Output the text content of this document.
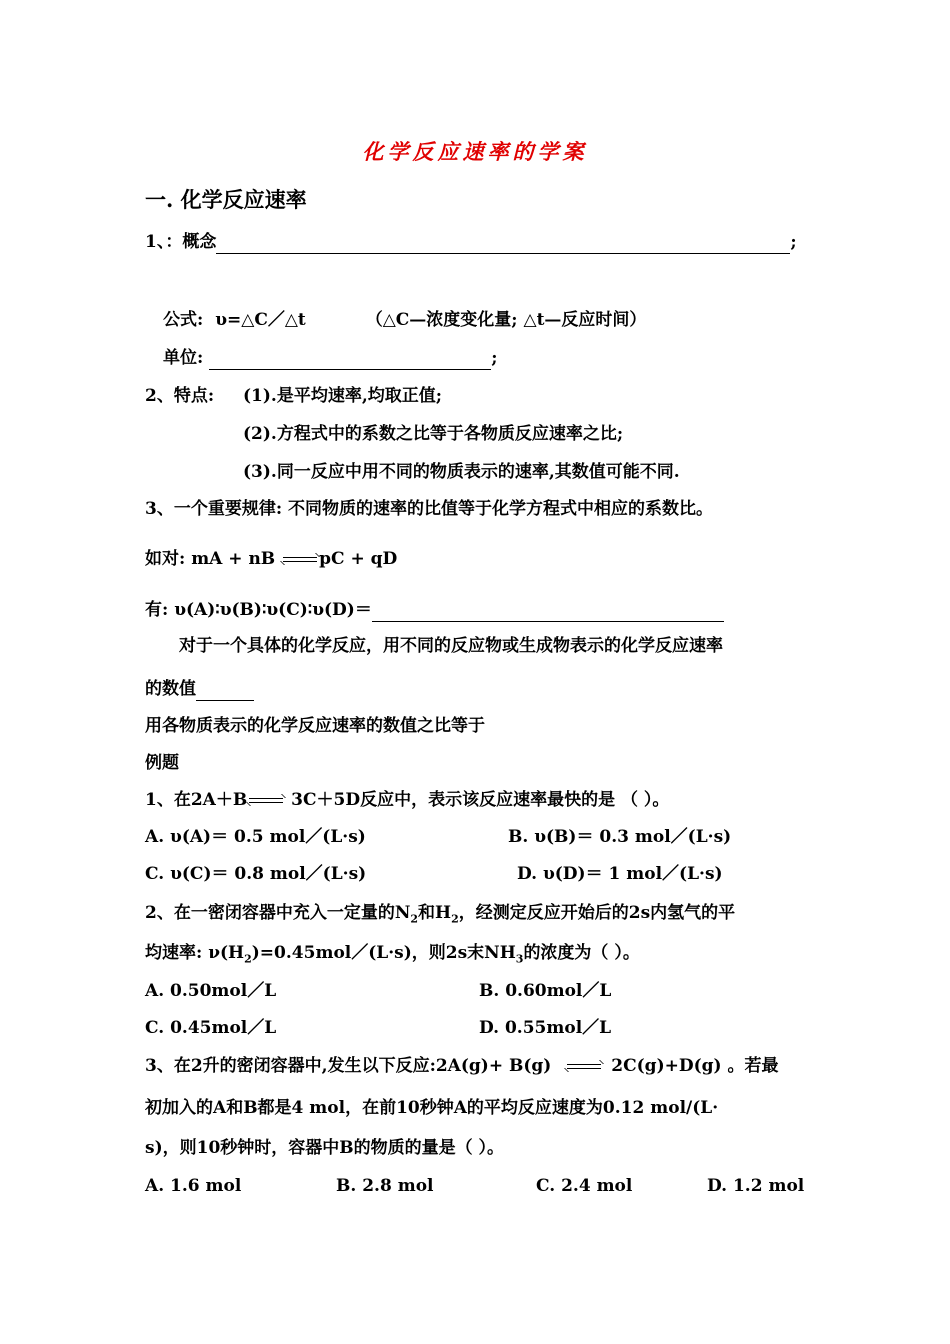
化学反应速率的学案
一. 化学反应速率
1、：概念	;
公式: υ=△C／△t	（△C—浓度变化量; △t—反应时间）
单位:	;
2、特点: (1).是平均速率,均取正值;
(2).方程式中的系数之比等于各物质反应速率之比;
(3).同一反应中用不同的物质表示的速率,其数值可能不同.
3、一个重要规律: 不同物质的速率的比值等于化学方程式中相应的系数比。
如对: mA + nB	pC + qD
有: υ(A)∶υ(B)∶υ(C)∶υ(D)＝
对于一个具体的化学反应，用不同的反应物或生成物表示的化学反应速率
的数值
用各物质表示的化学反应速率的数值之比等于
例题
1、在2A＋B
3C＋5D反应中，表示该反应速率最快的是 （ ）。
A. υ(A)＝ 0.5 mol／(L·s)	B. υ(B)＝ 0.3 mol／(L·s)
C. υ(C)＝ 0.8 mol／(L·s)	D. υ(D)＝ 1 mol／(L·s)
2、在一密闭容器中充入一定量的$N_2$和$H_2$，经测定反应开始后的2s内氢气的平
均速率: $\nu(H_2)=0.45mol/(L\cdot s)$，则2s末$NH_3$的浓度为（ ）。
A. 0.50mol／L	B. 0.60mol／L
C. 0.45mol／L	D. 0.55mol／L
3、在2升的密闭容器中,发生以下反应:2A(g)+ B(g)	2C(g)+D(g) 。若最
初加入的A和B都是4 mol，在前10秒钟A的平均反应速度为0.12 mol/(L·
s)，则10秒钟时，容器中B的物质的量是（ ）。
A. 1.6 mol	B. 2.8 mol	C. 2.4 mol	D. 1.2 mol
